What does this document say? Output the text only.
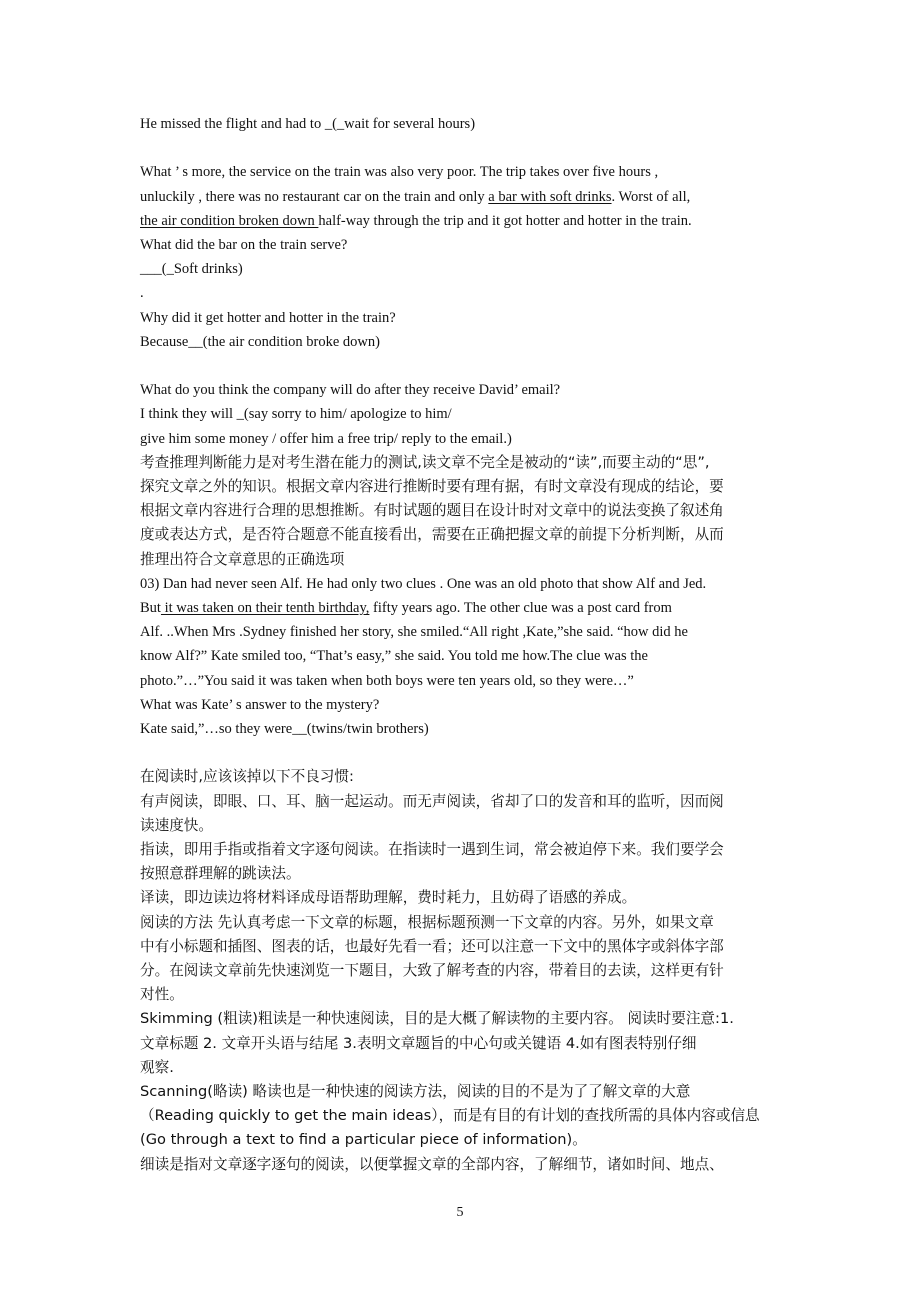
He missed the flight and had to _(_wait for several hours)
What ’ s more, the service on the train was also very poor. The trip takes over five hours ,
unluckily , there was no restaurant car on the train and only a bar with soft drinks. Worst of all,
the air condition broken down half-way through the trip and it got hotter and hotter in the train.
What did the bar on the train serve?
___(_Soft drinks)
.
Why did it get hotter and hotter in the train?
Because__(the air condition broke down)
What do you think the company will do after they receive David’ email?
I think they will _(say sorry to him/ apologize to him/
give him some money / offer him a free trip/ reply to the email.)
考查推理判断能力是对考生潜在能力的测试,读文章不完全是被动的“读”,而要主动的“思”,
探究文章之外的知识。根据文章内容进行推断时要有理有据，有时文章没有现成的结论，要
根据文章内容进行合理的思想推断。有时试题的题目在设计时对文章中的说法变换了叙述角
度或表达方式，是否符合题意不能直接看出，需要在正确把握文章的前提下分析判断，从而
推理出符合文章意思的正确选项
03) Dan had never seen Alf. He had only two clues . One was an old photo that show Alf and Jed.
But it was taken on their tenth birthday, fifty years ago. The other clue was a post card from
Alf. ..When Mrs .Sydney finished her story, she smiled.“All right ,Kate,”she said. “how did he
know Alf?” Kate smiled too, “That’s easy,” she said. You told me how.The clue was the
photo.”…”You said it was taken when both boys were ten years old, so they were…”
What was Kate’ s answer to the mystery?
Kate said,”…so they were__(twins/twin brothers)
在阅读时,应该该掉以下不良习惯:
有声阅读，即眼、口、耳、脑一起运动。而无声阅读，省却了口的发音和耳的监听，因而阅
读速度快。
指读，即用手指或指着文字逐句阅读。在指读时一遇到生词，常会被迫停下来。我们要学会
按照意群理解的跳读法。
译读，即边读边将材料译成母语帮助理解，费时耗力，且妨碍了语感的养成。
阅读的方法 先认真考虑一下文章的标题，根据标题预测一下文章的内容。另外，如果文章
中有小标题和插图、图表的话，也最好先看一看；还可以注意一下文中的黑体字或斜体字部
分。在阅读文章前先快速浏览一下题目，大致了解考查的内容，带着目的去读，这样更有针
对性。
Skimming (粗读)粗读是一种快速阅读，目的是大概了解读物的主要内容。 阅读时要注意:1.
文章标题 2. 文章开头语与结尾 3.表明文章题旨的中心句或关键语 4.如有图表特别仔细
观察.
Scanning(略读) 略读也是一种快速的阅读方法，阅读的目的不是为了了解文章的大意
（Reading quickly to get the main ideas），而是有目的有计划的查找所需的具体内容或信息
(Go through a text to find a particular piece of information)。
细读是指对文章逐字逐句的阅读，以便掌握文章的全部内容，了解细节，诸如时间、地点、
5
